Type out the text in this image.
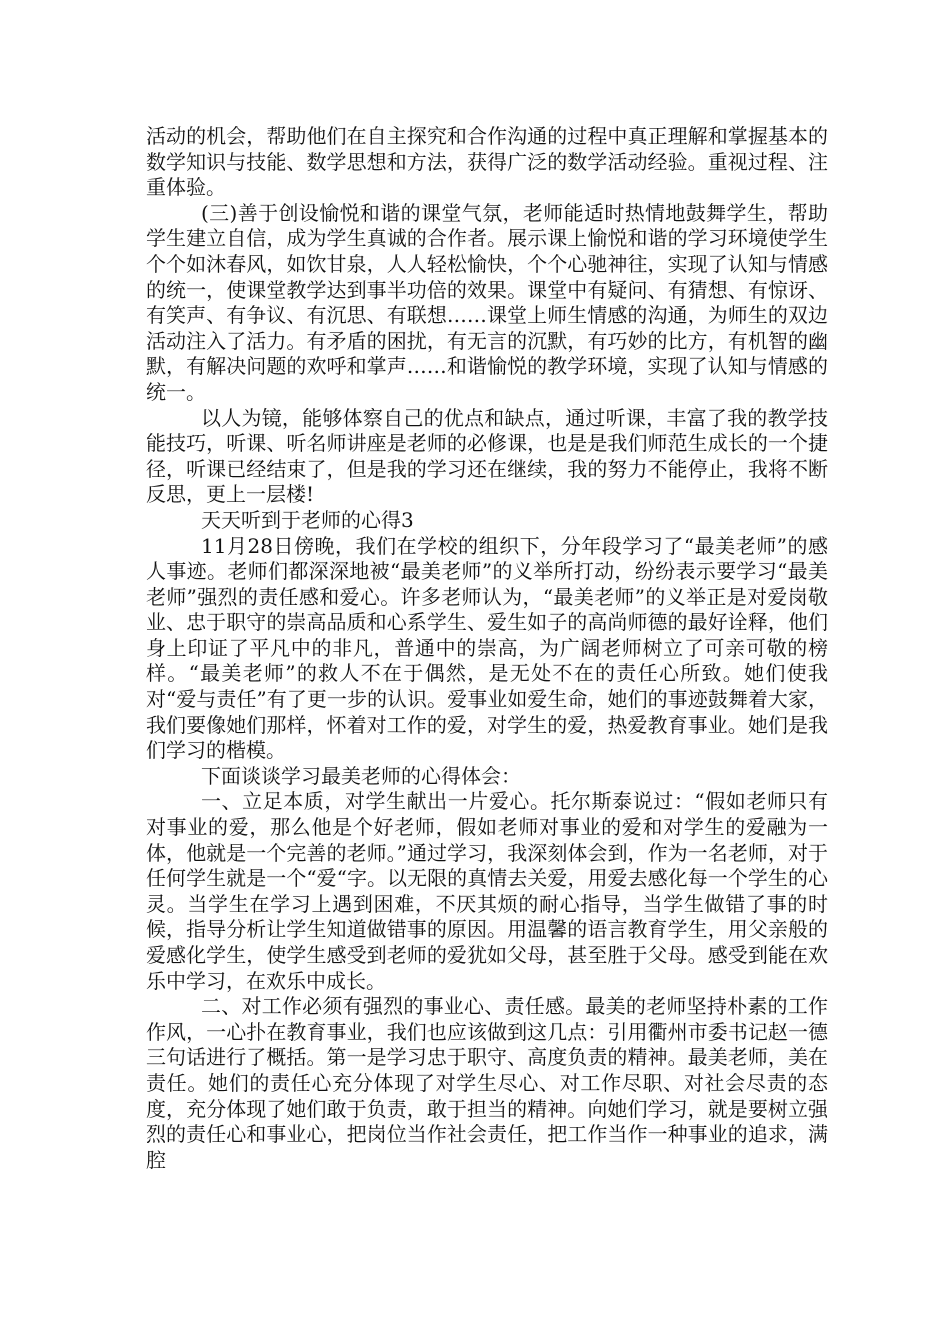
活动的机会，帮助他们在自主探究和合作沟通的过程中真正理解和掌握基本的数学知识与技能、数学思想和方法，获得广泛的数学活动经验。重视过程、注重体验。

(三)善于创设愉悦和谐的课堂气氛，老师能适时热情地鼓舞学生，帮助学生建立自信，成为学生真诚的合作者。展示课上愉悦和谐的学习环境使学生个个如沐春风，如饮甘泉，人人轻松愉快，个个心驰神往，实现了认知与情感的统一，使课堂教学达到事半功倍的效果。课堂中有疑问、有猜想、有惊讶、有笑声、有争议、有沉思、有联想……课堂上师生情感的沟通，为师生的双边活动注入了活力。有矛盾的困扰，有无言的沉默，有巧妙的比方，有机智的幽默，有解决问题的欢呼和掌声……和谐愉悦的教学环境，实现了认知与情感的统一。

以人为镜，能够体察自己的优点和缺点，通过听课，丰富了我的教学技能技巧，听课、听名师讲座是老师的必修课，也是是我们师范生成长的一个捷径，听课已经结束了，但是我的学习还在继续，我的努力不能停止，我将不断反思，更上一层楼!

天天听到于老师的心得3

11月28日傍晚，我们在学校的组织下，分年段学习了“最美老师”的感人事迹。老师们都深深地被“最美老师”的义举所打动，纷纷表示要学习“最美老师”强烈的责任感和爱心。许多老师认为，“最美老师”的义举正是对爱岗敬业、忠于职守的崇高品质和心系学生、爱生如子的高尚师德的最好诠释，他们身上印证了平凡中的非凡，普通中的崇高，为广阔老师树立了可亲可敬的榜样。“最美老师”的救人不在于偶然，是无处不在的责任心所致。她们使我对“爱与责任”有了更一步的认识。爱事业如爱生命，她们的事迹鼓舞着大家，我们要像她们那样，怀着对工作的爱，对学生的爱，热爱教育事业。她们是我们学习的楷模。

下面谈谈学习最美老师的心得体会：

一、立足本质，对学生献出一片爱心。托尔斯泰说过：“假如老师只有对事业的爱，那么他是个好老师，假如老师对事业的爱和对学生的爱融为一体，他就是一个完善的老师。”通过学习，我深刻体会到，作为一名老师，对于任何学生就是一个“爱“字。以无限的真情去关爱，用爱去感化每一个学生的心灵。当学生在学习上遇到困难，不厌其烦的耐心指导，当学生做错了事的时候，指导分析让学生知道做错事的原因。用温馨的语言教育学生，用父亲般的爱感化学生，使学生感受到老师的爱犹如父母，甚至胜于父母。感受到能在欢乐中学习，在欢乐中成长。

二、对工作必须有强烈的事业心、责任感。最美的老师坚持朴素的工作作风，一心扑在教育事业，我们也应该做到这几点：引用衢州市委书记赵一德三句话进行了概括。第一是学习忠于职守、高度负责的精神。最美老师，美在责任。她们的责任心充分体现了对学生尽心、对工作尽职、对社会尽责的态度，充分体现了她们敢于负责，敢于担当的精神。向她们学习，就是要树立强烈的责任心和事业心，把岗位当作社会责任，把工作当作一种事业的追求，满腔
